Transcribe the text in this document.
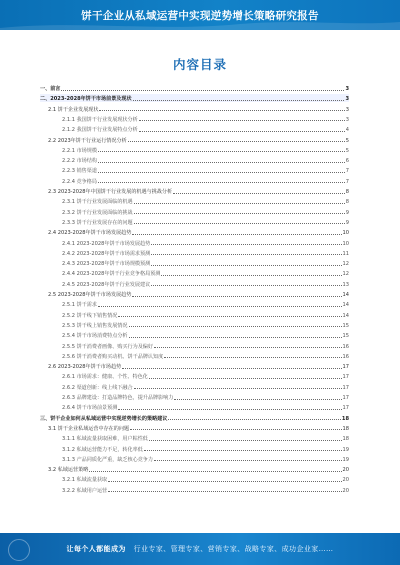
饼干企业从私域运营中实现逆势增长策略研究报告
内容目录
一、前言	3
二、2023-2028年饼干市场前景及现状	3
2.1 饼干企业发展现状	3
2.1.1 我国饼干行业发展现状分析	3
2.1.2 我国饼干行业发展特点分析	4
2.2 2023年饼干行业运行情况分析	5
2.2.1 市场规模	5
2.2.2 市场结构	6
2.2.3 销售渠道	7
2.2.4 竞争格局	7
2.3 2023-2028年中国饼干行业发展的机遇与挑战分析	8
2.3.1 饼干行业发展面临的机遇	8
2.3.2 饼干行业发展面临的挑战	9
2.3.3 饼干行业发展存在的问题	9
2.4 2023-2028年饼干市场发展趋势	10
2.4.1 2023-2028年饼干市场发展趋势	10
2.4.2 2023-2028年饼干市场需求预测	11
2.4.3 2023-2028年饼干市场规模预测	12
2.4.4 2023-2028年饼干行业竞争格局预测	12
2.4.5 2023-2028年饼干行业发展建议	13
2.5 2023-2028年饼干市场发展趋势	14
2.5.1 饼干需求	14
2.5.2 饼干线下销售情况	14
2.5.3 饼干线上销售发展情况	15
2.5.4 饼干市场消费特点分析	15
2.5.5 饼干消费者画像、购买行为及偏好	16
2.5.6 饼干消费者购买动机、饼干品牌认知度	16
2.6 2023-2028年饼干市场趋势	17
2.6.1 市场需求：健康、个性、特色化	17
2.6.2 渠道创新：线上线下融合	17
2.6.3 品牌建设：打造品牌特色，提升品牌影响力	17
2.6.4 饼干市场前景预测	17
三、饼干企业如何从私域运营中实现逆势增长的策略建议	18
3.1 饼干企业私域运营中存在的问题	18
3.1.1 私域流量获取困难，用户粘性低	18
3.1.2 私域运营能力不足，转化率低	19
3.1.3 产品同质化严重，缺乏核心竞争力	19
3.2 私域运营策略	20
3.2.1 私域流量获取	20
3.2.2 私域用户运营	20
让每个人都能成为 行业专家、管理专家、营销专家、战略专家、成功企业家……
